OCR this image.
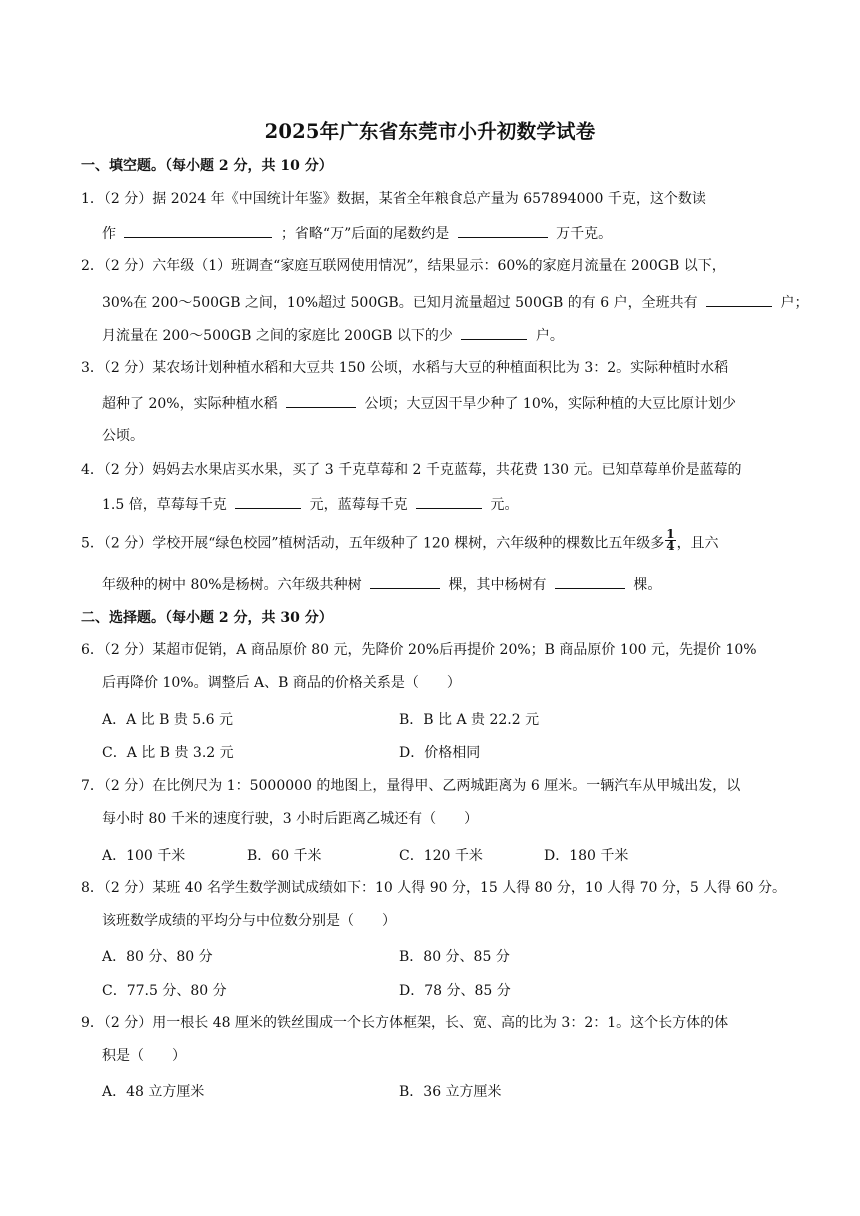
2025年广东省东莞市小升初数学试卷
一、填空题。（每小题 2 分，共 10 分）
1．（2 分）据 2024 年《中国统计年鉴》数据，某省全年粮食总产量为 657894000 千克，这个数读
作	；省略“万”后面的尾数约是	万千克。
2．（2 分）六年级（1）班调查“家庭互联网使用情况”，结果显示：60%的家庭月流量在 200GB 以下，
30%在 200～500GB 之间，10%超过 500GB。已知月流量超过 500GB 的有 6 户，全班共有	户；
月流量在 200～500GB 之间的家庭比 200GB 以下的少	户。
3．（2 分）某农场计划种植水稻和大豆共 150 公顷，水稻与大豆的种植面积比为 3：2。实际种植时水稻
超种了 20%，实际种植水稻	公顷；大豆因干旱少种了 10%，实际种植的大豆比原计划少
公顷。
4．（2 分）妈妈去水果店买水果，买了 3 千克草莓和 2 千克蓝莓，共花费 130 元。已知草莓单价是蓝莓的
1.5 倍，草莓每千克	元，蓝莓每千克	元。
5．（2 分）学校开展“绿色校园”植树活动，五年级种了 120 棵树，六年级种的棵数比五年级多 $\frac{1}{4}$ ，且六
年级种的树中 80%是杨树。六年级共种树	棵，其中杨树有	棵。
二、选择题。（每小题 2 分，共 30 分）
6．（2 分）某超市促销，A 商品原价 80 元，先降价 20%后再提价 20%；B 商品原价 100 元，先提价 10%
后再降价 10%。调整后 A、B 商品的价格关系是（　　）
A．A 比 B 贵 5.6 元	B．B 比 A 贵 22.2 元
C．A 比 B 贵 3.2 元	D．价格相同
7．（2 分）在比例尺为 1：5000000 的地图上，量得甲、乙两城距离为 6 厘米。一辆汽车从甲城出发，以
每小时 80 千米的速度行驶，3 小时后距离乙城还有（　　）
A．100 千米	B．60 千米	C．120 千米	D．180 千米
8．（2 分）某班 40 名学生数学测试成绩如下：10 人得 90 分，15 人得 80 分，10 人得 70 分，5 人得 60 分。
该班数学成绩的平均分与中位数分别是（　　）
A．80 分、80 分	B．80 分、85 分
C．77.5 分、80 分	D．78 分、85 分
9．（2 分）用一根长 48 厘米的铁丝围成一个长方体框架，长、宽、高的比为 3：2：1。这个长方体的体
积是（　　）
A．48 立方厘米	B．36 立方厘米
